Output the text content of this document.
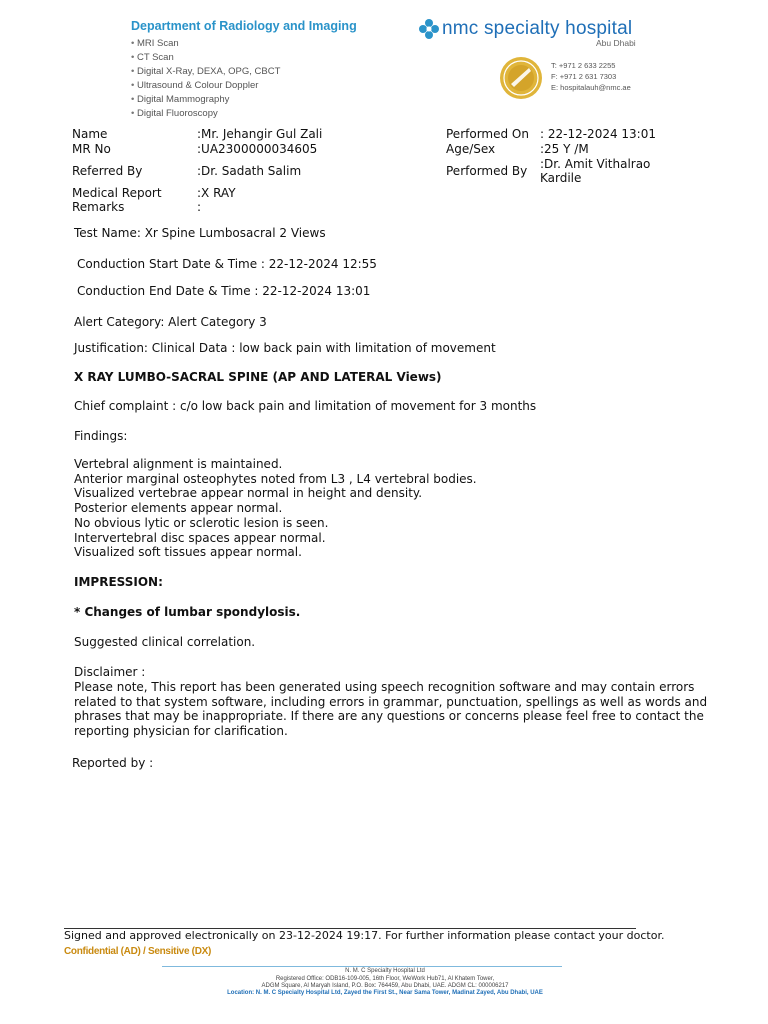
Department of Radiology and Imaging
• MRI Scan
• CT Scan
• Digital X-Ray, DEXA, OPG, CBCT
• Ultrasound & Colour Doppler
• Digital Mammography
• Digital Fluoroscopy
nmc specialty hospital
Abu Dhabi
T: +971 2 633 2255
F: +971 2 631 7303
E: hospitalauh@nmc.ae
Name	:Mr. Jehangir Gul Zali
MR No	:UA2300000034605
Referred By	:Dr. Sadath Salim
Medical Report	:X RAY
Remarks	:
Performed On : 22-12-2024 13:01
Age/Sex	:25 Y /M
Performed By :Dr. Amit Vithalrao
Kardile
Test Name: Xr Spine Lumbosacral 2 Views
Conduction Start Date & Time : 22-12-2024 12:55
Conduction End Date & Time : 22-12-2024 13:01
Alert Category: Alert Category 3
Justification: Clinical Data : low back pain with limitation of movement
X RAY LUMBO-SACRAL SPINE (AP AND LATERAL Views)
Chief complaint : c/o low back pain and limitation of movement for 3 months
Findings:
Vertebral alignment is maintained.
Anterior marginal osteophytes noted from L3 , L4 vertebral bodies.
Visualized vertebrae appear normal in height and density.
Posterior elements appear normal.
No obvious lytic or sclerotic lesion is seen.
Intervertebral disc spaces appear normal.
Visualized soft tissues appear normal.
IMPRESSION:
* Changes of lumbar spondylosis.
Suggested clinical correlation.
Disclaimer :
Please note, This report has been generated using speech recognition software and may contain errors
related to that system software, including errors in grammar, punctuation, spellings as well as words and
phrases that may be inappropriate. If there are any questions or concerns please feel free to contact the
reporting physician for clarification.
Reported by :
Signed and approved electronically on 23-12-2024 19:17. For further information please contact your doctor.
Confidential (AD) / Sensitive (DX)
N. M. C Specialty Hospital Ltd
Registered Office: ODB16-109-005, 16th Floor, WeWork Hub71, Al Khatem Tower,
ADGM Square, Al Maryah Island, P.O. Box: 764459, Abu Dhabi, UAE. ADGM CL: 000006217
Location: N. M. C Specialty Hospital Ltd, Zayed the First St., Near Sama Tower, Madinat Zayed, Abu Dhabi, UAE
